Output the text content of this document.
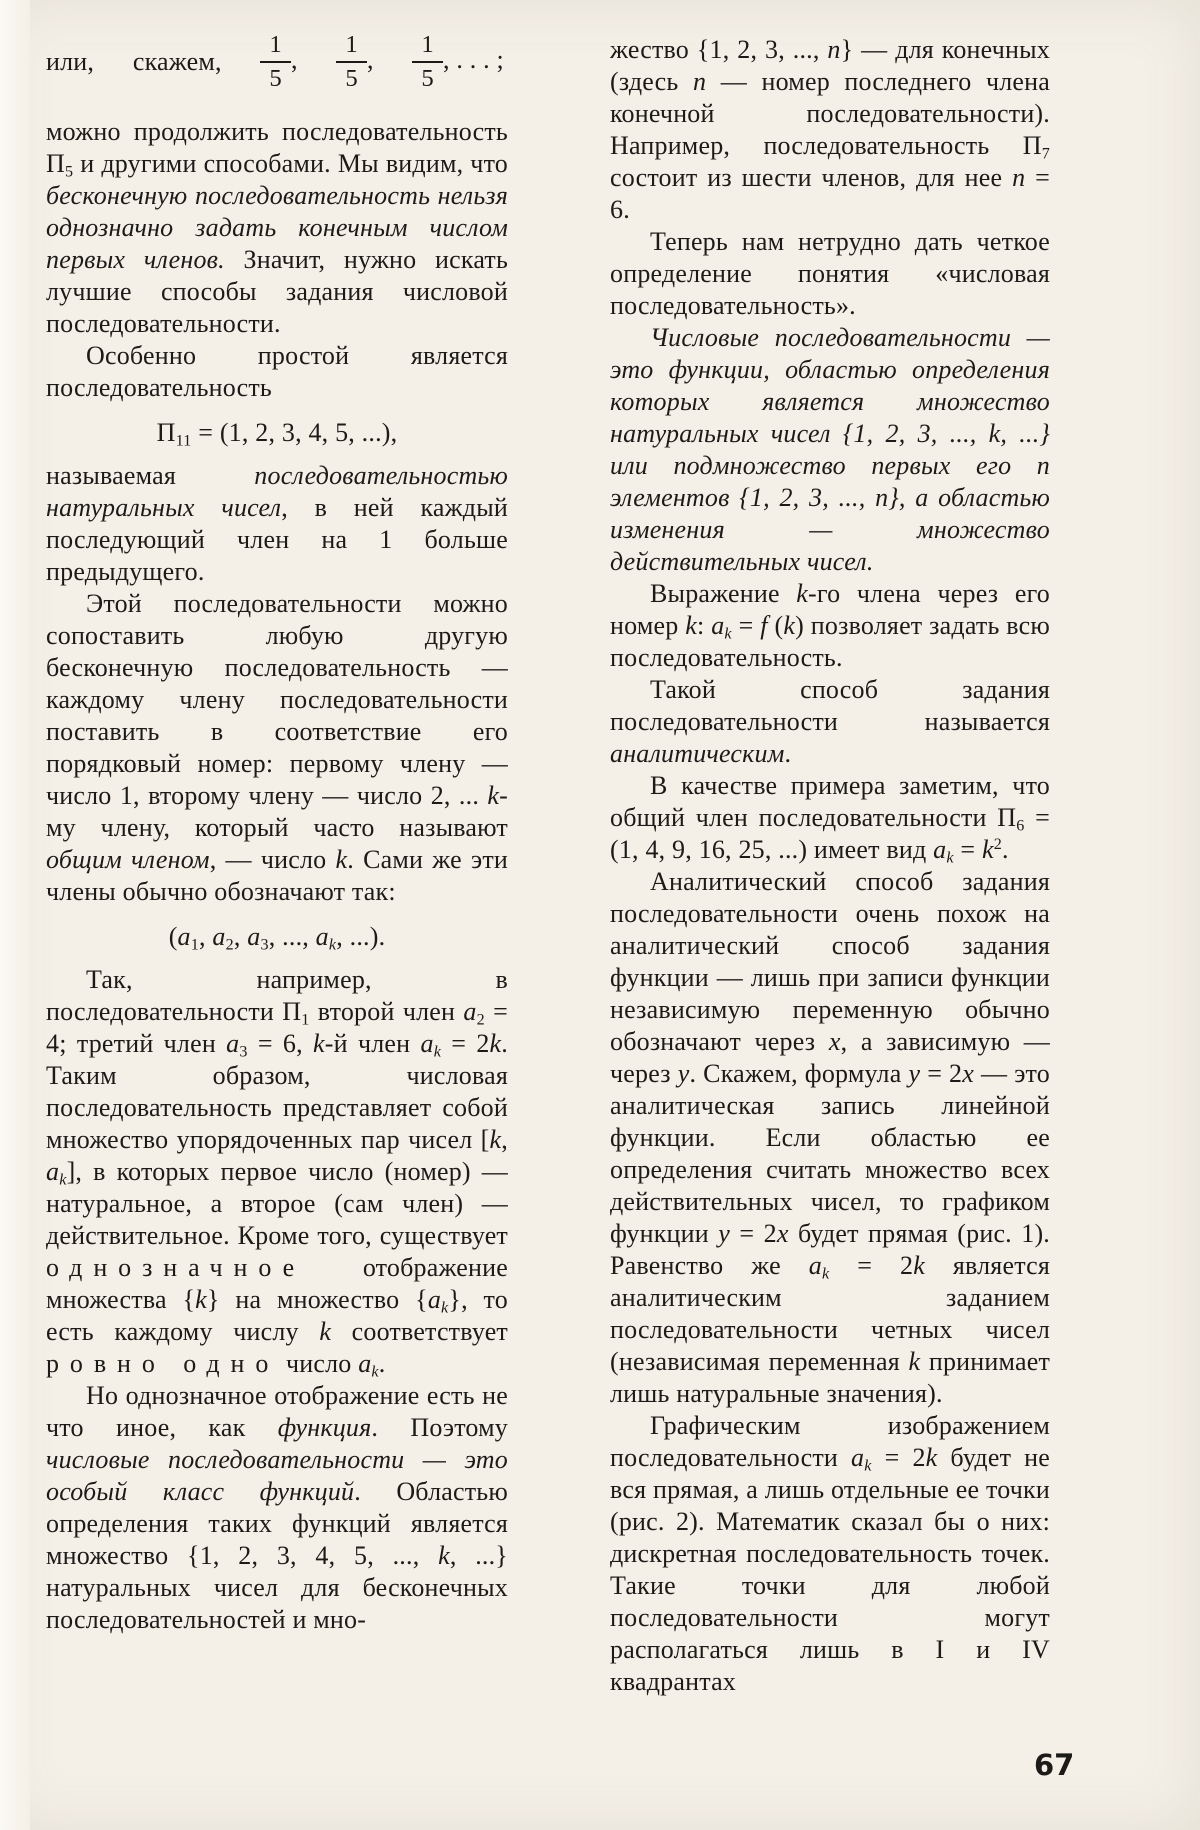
или, скажем, $\frac{1}{5}$ , $\frac{1}{5}$ , $\frac{1}{5}$ , . . . ;

можно продолжить последовательность $П_5$ и другими способами. Мы видим, что бесконечную последовательность нельзя однозначно задать конечным числом первых членов. Значит, нужно искать лучшие способы задания числовой последовательности.

Особенно простой является последовательность

$П_{11} = (1$, 2, 3, 4, 5, ...),

называемая последовательностью натуральных чисел, в ней каждый последующий член на 1 больше предыдущего.

Этой последовательности можно сопоставить любую другую бесконечную последовательность — каждому члену последовательности поставить в соответствие его порядковый номер: первому члену — число 1, второму члену — число 2, ... k-му члену, который часто называют общим членом, — число k. Сами же эти члены обычно обозначают так:

($a_1$, $a_2$, $a_3$, ..., $a_k$, ...).

Так, например, в последовательности $П_1$ второй член $a_2 = 4$; третий член $a_3 = 6$, k-й член $a_k = 2k$. Таким образом, числовая последовательность представляет собой множество упорядоченных пар чисел [k, $a_k$], в которых первое число (номер) — натуральное, а второе (сам член) — действительное. Кроме того, существует однозначное отображение множества {k} на множество $\{a_k\}$, то есть каждому числу k соответствует ровно одно число $a_k$.

Но однозначное отображение есть не что иное, как функция. Поэтому числовые последовательности — это особый класс функций. Областью определения таких функций является множество {1, 2, 3, 4, 5, ..., k, ...} натуральных чисел для бесконечных последовательностей и мно-

жество {1, 2, 3, ..., n} — для конечных (здесь n — номер последнего члена конечной последовательности). Например, последовательность $П_7$ состоит из шести членов, для нее n = 6.

Теперь нам нетрудно дать четкое определение понятия «числовая последовательность».

Числовые последовательности — это функции, областью определения которых является множество натуральных чисел {1, 2, 3, ..., k, ...} или подмножество первых его n элементов {1, 2, 3, ..., n}, а областью изменения — множество действительных чисел.

Выражение k-го члена через его номер k: $a_k = f$ (k) позволяет задать всю последовательность.

Такой способ задания последовательности называется аналитическим.

В качестве примера заметим, что общий член последовательности $П_6 = (1$, 4, 9, 16, 25, ...) имеет вид $a_k = k^2$.

Аналитический способ задания последовательности очень похож на аналитический способ задания функции — лишь при записи функции независимую переменную обычно обозначают через x, а зависимую — через y. Скажем, формула y = 2x — это аналитическая запись линейной функции. Если областью ее определения считать множество всех действительных чисел, то графиком функции y = 2x будет прямая (рис. 1). Равенство же $a_k = 2k$ является аналитическим заданием последовательности четных чисел (независимая переменная k принимает лишь натуральные значения).

Графическим изображением последовательности $a_k = 2k$ будет не вся прямая, а лишь отдельные ее точки (рис. 2). Математик сказал бы о них: дискретная последовательность точек. Такие точки для любой последовательности могут располагаться лишь в I и IV квадрантах

67
